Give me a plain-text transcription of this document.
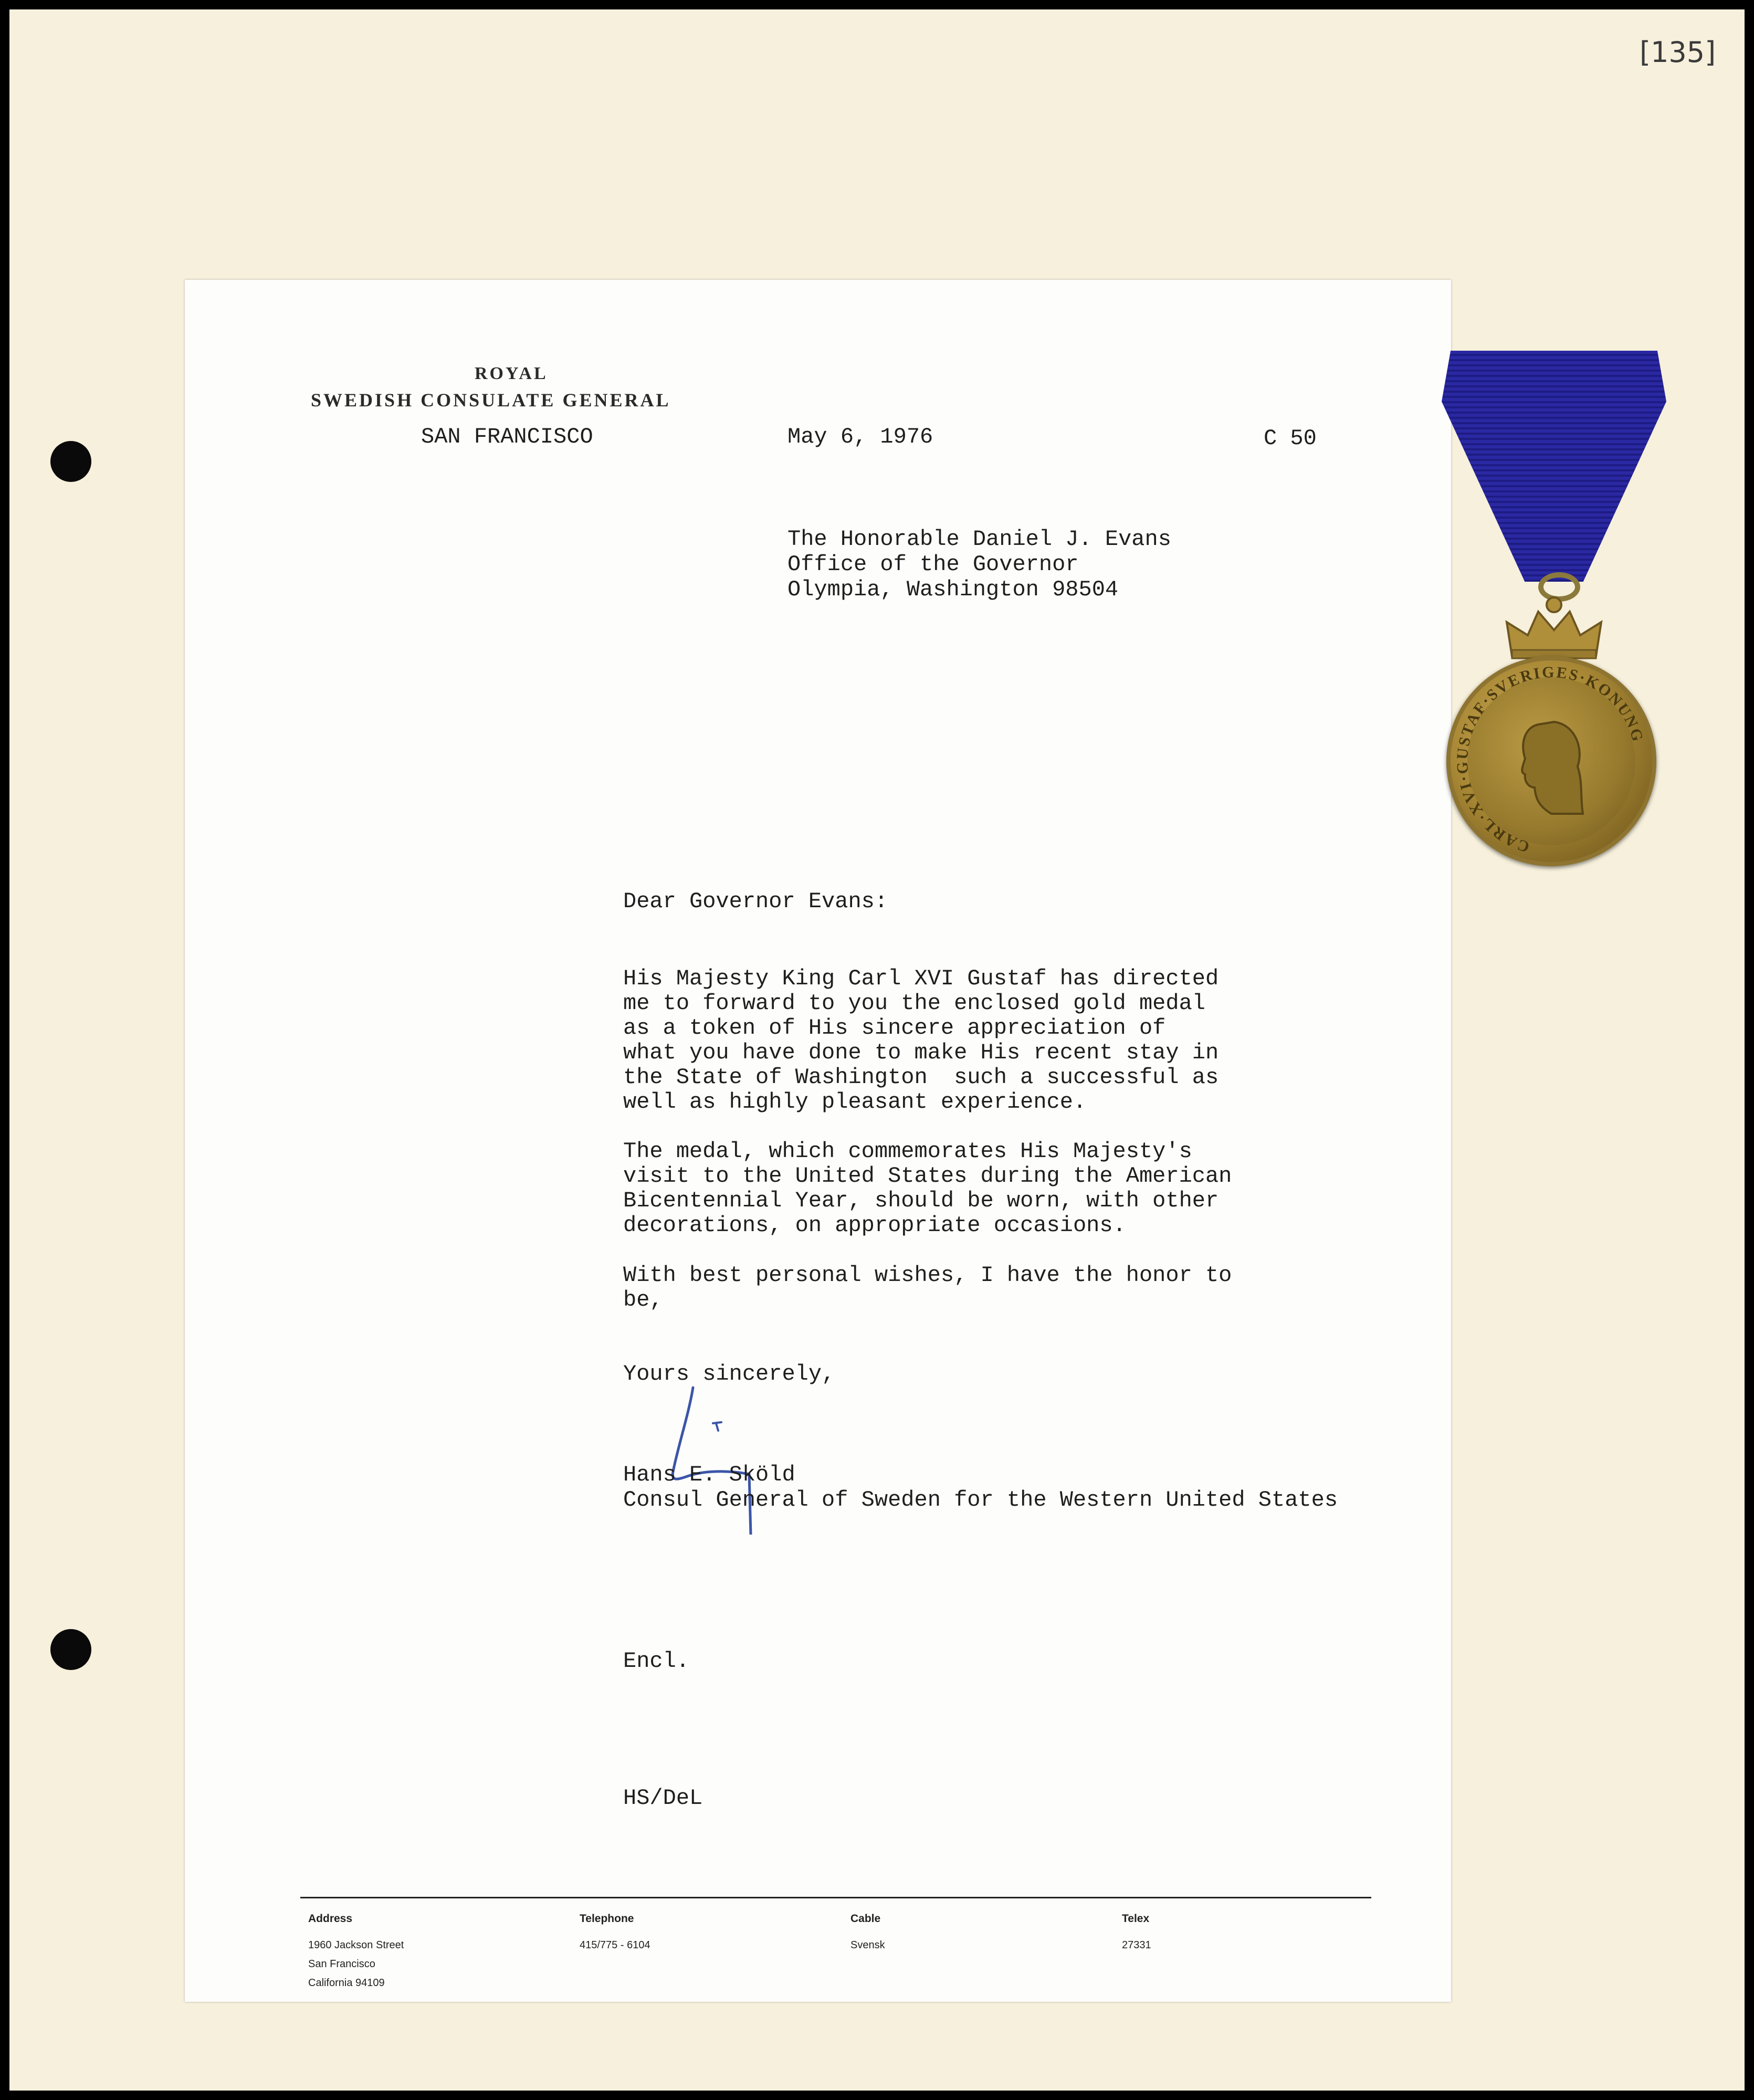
[135]
ROYAL
SWEDISH CONSULATE GENERAL
SAN FRANCISCO	May 6, 1976	C 50
The Honorable Daniel J. Evans
Office of the Governor
Olympia, Washington 98504
Dear Governor Evans:
His Majesty King Carl XVI Gustaf has directed
me to forward to you the enclosed gold medal
as a token of His sincere appreciation of
what you have done to make His recent stay in
the State of Washington  such a successful as
well as highly pleasant experience.
The medal, which commemorates His Majesty's
visit to the United States during the American
Bicentennial Year, should be worn, with other
decorations, on appropriate occasions.
With best personal wishes, I have the honor to
be,
Yours sincerely,
Hans E. Sköld
Consul General of Sweden for the Western United States
Encl.
HS/DeL
Address
1960 Jackson Street
San Francisco
California 94109
Telephone
415/775 - 6104
Cable
Svensk
Telex
27331
CARL·XVI·GUSTAF·SVERIGES·KONUNG
